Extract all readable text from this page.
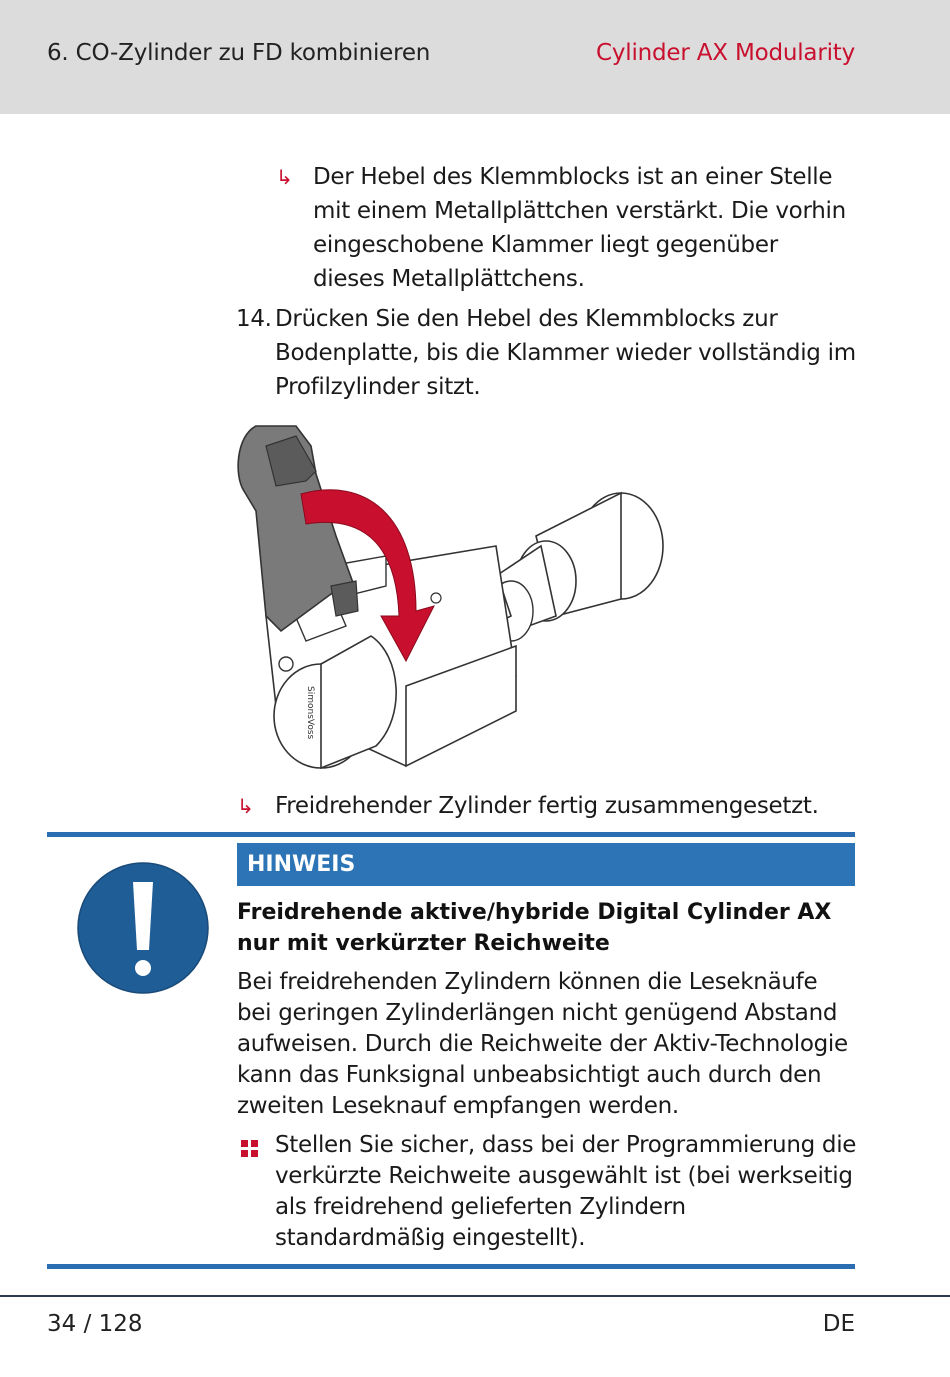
6. CO-Zylinder zu FD kombinieren	Cylinder AX Modularity
↳ Der Hebel des Klemmblocks ist an einer Stelle mit einem Metallplättchen verstärkt. Die vorhin eingeschobene Klammer liegt gegenüber dieses Metallplättchens.
14. Drücken Sie den Hebel des Klemmblocks zur Bodenplatte, bis die Klammer wieder vollständig im Profilzylinder sitzt.
SimonsVoss
↳ Freidrehender Zylinder fertig zusammengesetzt.
HINWEIS
Freidrehende aktive/hybride Digital Cylinder AX nur mit verkürzter Reichweite
Bei freidrehenden Zylindern können die Leseknäufe bei geringen Zylinderlängen nicht genügend Abstand aufweisen. Durch die Reichweite der Aktiv-Technologie kann das Funksignal unbeabsichtigt auch durch den zweiten Leseknauf empfangen werden.
Stellen Sie sicher, dass bei der Programmierung die verkürzte Reichweite ausgewählt ist (bei werkseitig als freidrehend gelieferten Zylindern standardmäßig eingestellt).
34 / 128	DE
